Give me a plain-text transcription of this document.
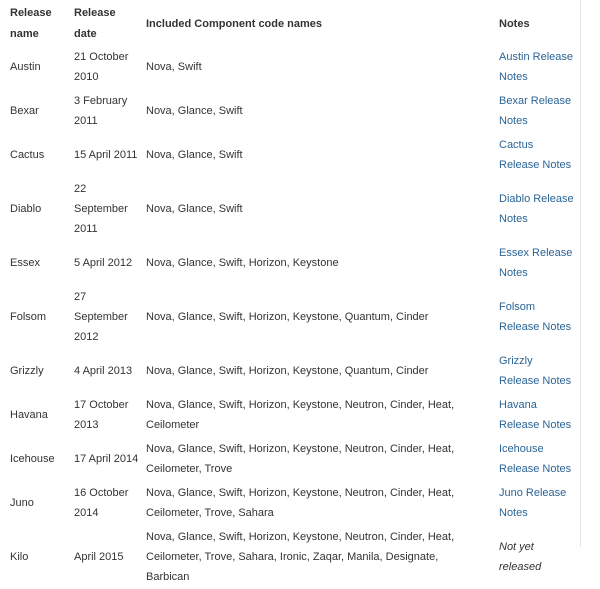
Release name	Release date	Included Component code names	Notes
Austin	21 October 2010	Nova, Swift	Austin Release Notes
Bexar	3 February 2011	Nova, Glance, Swift	Bexar Release Notes
Cactus	15 April 2011	Nova, Glance, Swift	Cactus Release Notes
Diablo	22 September 2011	Nova, Glance, Swift	Diablo Release Notes
Essex	5 April 2012	Nova, Glance, Swift, Horizon, Keystone	Essex Release Notes
Folsom	27 September 2012	Nova, Glance, Swift, Horizon, Keystone, Quantum, Cinder	Folsom Release Notes
Grizzly	4 April 2013	Nova, Glance, Swift, Horizon, Keystone, Quantum, Cinder	Grizzly Release Notes
Havana	17 October 2013	Nova, Glance, Swift, Horizon, Keystone, Neutron, Cinder, Heat, Ceilometer	Havana Release Notes
Icehouse	17 April 2014	Nova, Glance, Swift, Horizon, Keystone, Neutron, Cinder, Heat, Ceilometer, Trove	Icehouse Release Notes
Juno	16 October 2014	Nova, Glance, Swift, Horizon, Keystone, Neutron, Cinder, Heat, Ceilometer, Trove, Sahara	Juno Release Notes
Kilo	April 2015	Nova, Glance, Swift, Horizon, Keystone, Neutron, Cinder, Heat, Ceilometer, Trove, Sahara, Ironic, Zaqar, Manila, Designate, Barbican	Not yet released
